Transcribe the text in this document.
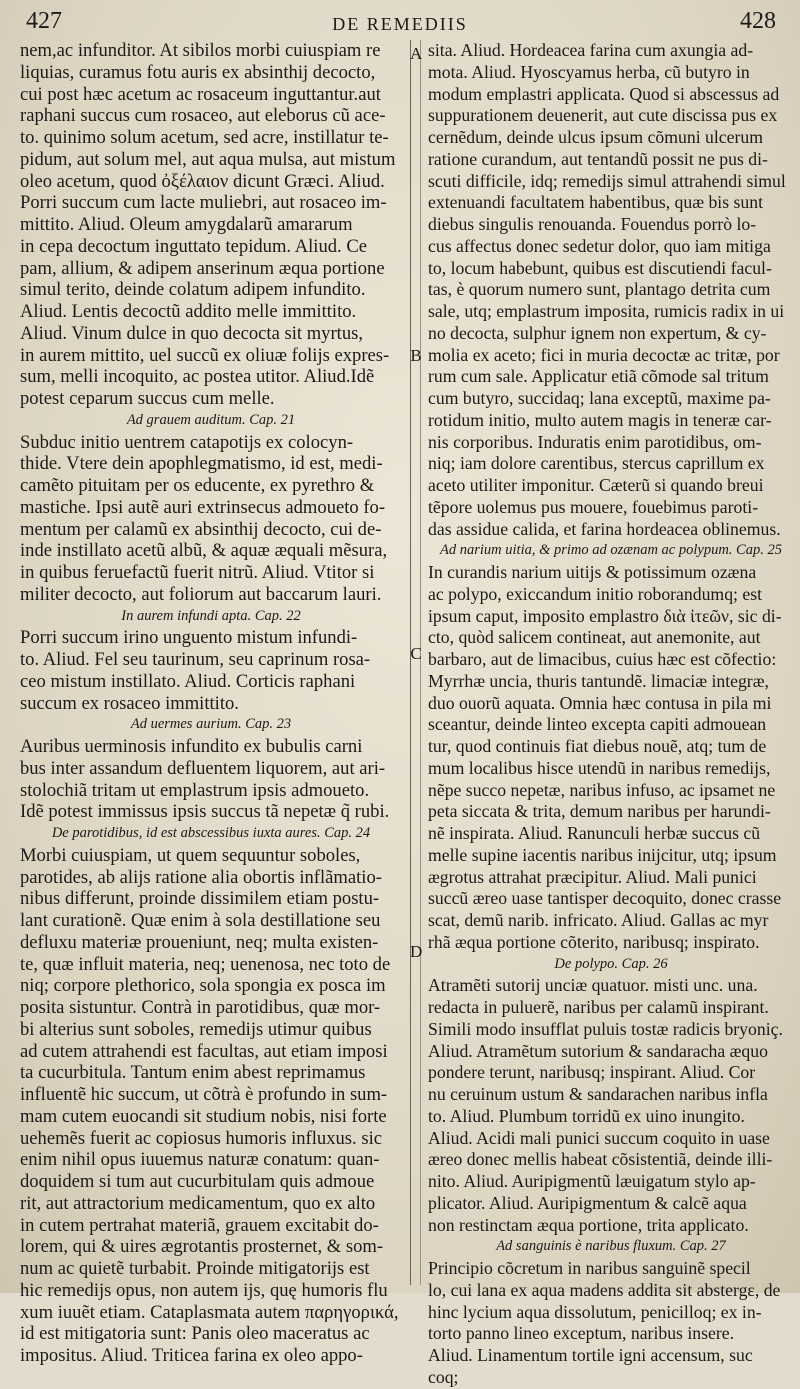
427	DE REMEDIIS	428
nem,ac infunditor. At sibilos morbi cuiuspiam re
liquias, curamus fotu auris ex absinthij decocto,
cui post hæc acetum ac rosaceum inguttantur.aut
raphani succus cum rosaceo, aut eleborus cũ ace-
to. quinimo solum acetum, sed acre, instillatur te-
pidum, aut solum mel, aut aqua mulsa, aut mistum
oleo acetum, quod ὀξέλαιον dicunt Græci. Aliud.
Porri succum cum lacte muliebri, aut rosaceo im-
mittito. Aliud. Oleum amygdalarũ amararum
in cepa decoctum inguttato tepidum. Aliud. Ce
pam, allium, & adipem anserinum æqua portione
simul terito, deinde colatum adipem infundito.
Aliud. Lentis decoctũ addito melle immittito.
Aliud. Vinum dulce in quo decocta sit myrtus,
in aurem mittito, uel succũ ex oliuæ folijs expres-
sum, melli incoquito, ac postea utitor. Aliud.Idẽ
potest ceparum succus cum melle.
Ad grauem auditum. Cap. 21
Subduc initio uentrem catapotijs ex colocyn-
thide. Vtere dein apophlegmatismo, id est, medi-
camẽto pituitam per os educente, ex pyrethro &
mastiche. Ipsi autẽ auri extrinsecus admoueto fo-
mentum per calamũ ex absinthij decocto, cui de-
inde instillato acetũ albũ, & aquæ æquali mẽsura,
in quibus feruefactũ fuerit nitrũ. Aliud. Vtitor si
militer decocto, aut foliorum aut baccarum lauri.
In aurem infundi apta. Cap. 22
Porri succum irino unguento mistum infundi-
to. Aliud. Fel seu taurinum, seu caprinum rosa-
ceo mistum instillato. Aliud. Corticis raphani
succum ex rosaceo immittito.
Ad uermes aurium. Cap. 23
Auribus uerminosis infundito ex bubulis carni
bus inter assandum defluentem liquorem, aut ari-
stolochiã tritam ut emplastrum ipsis admoueto.
Idẽ potest immissus ipsis succus tã nepetæ q̃ rubi.
De parotidibus, id est abscessibus iuxta aures. Cap. 24
Morbi cuiuspiam, ut quem sequuntur soboles,
parotides, ab alijs ratione alia obortis inflãmatio-
nibus differunt, proinde dissimilem etiam postu-
lant curationẽ. Quæ enim à sola destillatione seu
defluxu materiæ proueniunt, neq; multa existen-
te, quæ influit materia, neq; uenenosa, nec toto de
niq; corpore plethorico, sola spongia ex posca im
posita sistuntur. Contrà in parotidibus, quæ mor-
bi alterius sunt soboles, remedijs utimur quibus
ad cutem attrahendi est facultas, aut etiam imposi
ta cucurbitula. Tantum enim abest reprimamus
influentẽ hic succum, ut cõtrà è profundo in sum-
mam cutem euocandi sit studium nobis, nisi forte
uehemẽs fuerit ac copiosus humoris influxus. sic
enim nihil opus iuuemus naturæ conatum: quan-
doquidem si tum aut cucurbitulam quis admoue
rit, aut attractorium medicamentum, quo ex alto
in cutem pertrahat materiã, grauem excitabit do-
lorem, qui & uires ægrotantis prosternet, & som-
num ac quietẽ turbabit. Proinde mitigatorijs est
hic remedijs opus, non autem ijs, quę humoris flu
xum iuuẽt etiam. Cataplasmata autem παρηγορικά,
id est mitigatoria sunt: Panis oleo maceratus ac
impositus. Aliud. Triticea farina ex oleo appo-
A
B
C
D
sita. Aliud. Hordeacea farina cum axungia ad-
mota. Aliud. Hyoscyamus herba, cũ butyro in
modum emplastri applicata. Quod si abscessus ad
suppurationem deuenerit, aut cute discissa pus ex
cernẽdum, deinde ulcus ipsum cõmuni ulcerum
ratione curandum, aut tentandũ possit ne pus di-
scuti difficile, idq; remedijs simul attrahendi simul
extenuandi facultatem habentibus, quæ bis sunt
diebus singulis renouanda. Fouendus porrò lo-
cus affectus donec sedetur dolor, quo iam mitiga
to, locum habebunt, quibus est discutiendi facul-
tas, è quorum numero sunt, plantago detrita cum
sale, utq; emplastrum imposita, rumicis radix in ui
no decocta, sulphur ignem non expertum, & cy-
molia ex aceto; fici in muria decoctæ ac tritæ, por
rum cum sale. Applicatur etiã cõmode sal tritum
cum butyro, succidaq; lana exceptũ, maxime pa-
rotidum initio, multo autem magis in teneræ car-
nis corporibus. Induratis enim parotidibus, om-
niq; iam dolore carentibus, stercus caprillum ex
aceto utiliter imponitur. Cæterũ si quando breui
tẽpore uolemus pus mouere, fouebimus paroti-
das assidue calida, et farina hordeacea oblinemus.
Ad narium uitia, & primo ad ozænam ac polypum. Cap. 25
In curandis narium uitijs & potissimum ozæna
ac polypo, exiccandum initio roborandumq; est
ipsum caput, imposito emplastro διὰ ἰτεῶν, sic di-
cto, quòd salicem contineat, aut anemonite, aut
barbaro, aut de limacibus, cuius hæc est cõfectio:
Myrrhæ uncia, thuris tantundẽ. limaciæ integræ,
duo ouorũ aquata. Omnia hæc contusa in pila mi
sceantur, deinde linteo excepta capiti admouean
tur, quod continuis fiat diebus nouẽ, atq; tum de
mum localibus hisce utendũ in naribus remedijs,
nẽpe succo nepetæ, naribus infuso, ac ipsamet ne
peta siccata & trita, demum naribus per harundi-
nẽ inspirata. Aliud. Ranunculi herbæ succus cũ
melle supine iacentis naribus inijcitur, utq; ipsum
ægrotus attrahat præcipitur. Aliud. Mali punici
succũ æreo uase tantisper decoquito, donec crasse
scat, demũ narib. infricato. Aliud. Gallas ac myr
rhã æqua portione cõterito, naribusq; inspirato.
De polypo. Cap. 26
Atramẽti sutorij unciæ quatuor. misti unc. una.
redacta in puluerẽ, naribus per calamũ inspirant.
Simili modo insufflat puluis tostæ radicis bryoniç.
Aliud. Atramẽtum sutorium & sandaracha æquo
pondere terunt, naribusq; inspirant. Aliud. Cor
nu ceruinum ustum & sandarachen naribus infla
to. Aliud. Plumbum torridũ ex uino inungito.
Aliud. Acidi mali punici succum coquito in uase
æreo donec mellis habeat cõsistentiã, deinde illi-
nito. Aliud. Auripigmentũ læuigatum stylo ap-
plicator. Aliud. Auripigmentum & calcẽ aqua
non restinctam æqua portione, trita applicato.
Ad sanguinis è naribus fluxum. Cap. 27
Principio cõcretum in naribus sanguinẽ specil
lo, cui lana ex aqua madens addita sit abstergε, de
hinc lycium aqua dissolutum, penicilloq; ex in-
torto panno lineo exceptum, naribus insere.
Aliud. Linamentum tortile igni accensum, suc
coq;
